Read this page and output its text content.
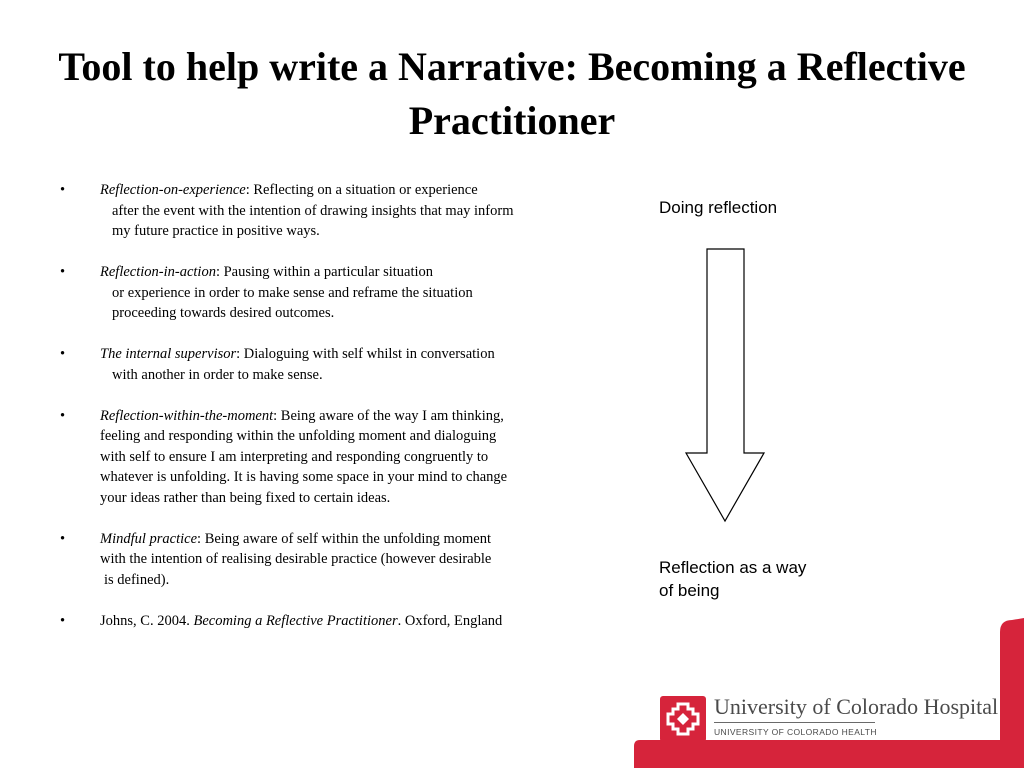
Tool to help write a Narrative: Becoming a Reflective Practitioner
• Reflection-on-experience: Reflecting on a situation or experience
after the event with the intention of drawing insights that may inform
my future practice in positive ways.
• Reflection-in-action: Pausing within a particular situation
or experience in order to make sense and reframe the situation
proceeding towards desired outcomes.
• The internal supervisor: Dialoguing with self whilst in conversation
with another in order to make sense.
• Reflection-within-the-moment: Being aware of the way I am thinking,
feeling and responding within the unfolding moment and dialoguing
with self to ensure I am interpreting and responding congruently to
whatever is unfolding. It is having some space in your mind to change
your ideas rather than being fixed to certain ideas.
• Mindful practice: Being aware of self within the unfolding moment
with the intention of realising desirable practice (however desirable
is defined).
• Johns, C. 2004. Becoming a Reflective Practitioner. Oxford, England
Doing reflection
Reflection as a way of being
University of Colorado Hospital
UNIVERSITY OF COLORADO HEALTH
